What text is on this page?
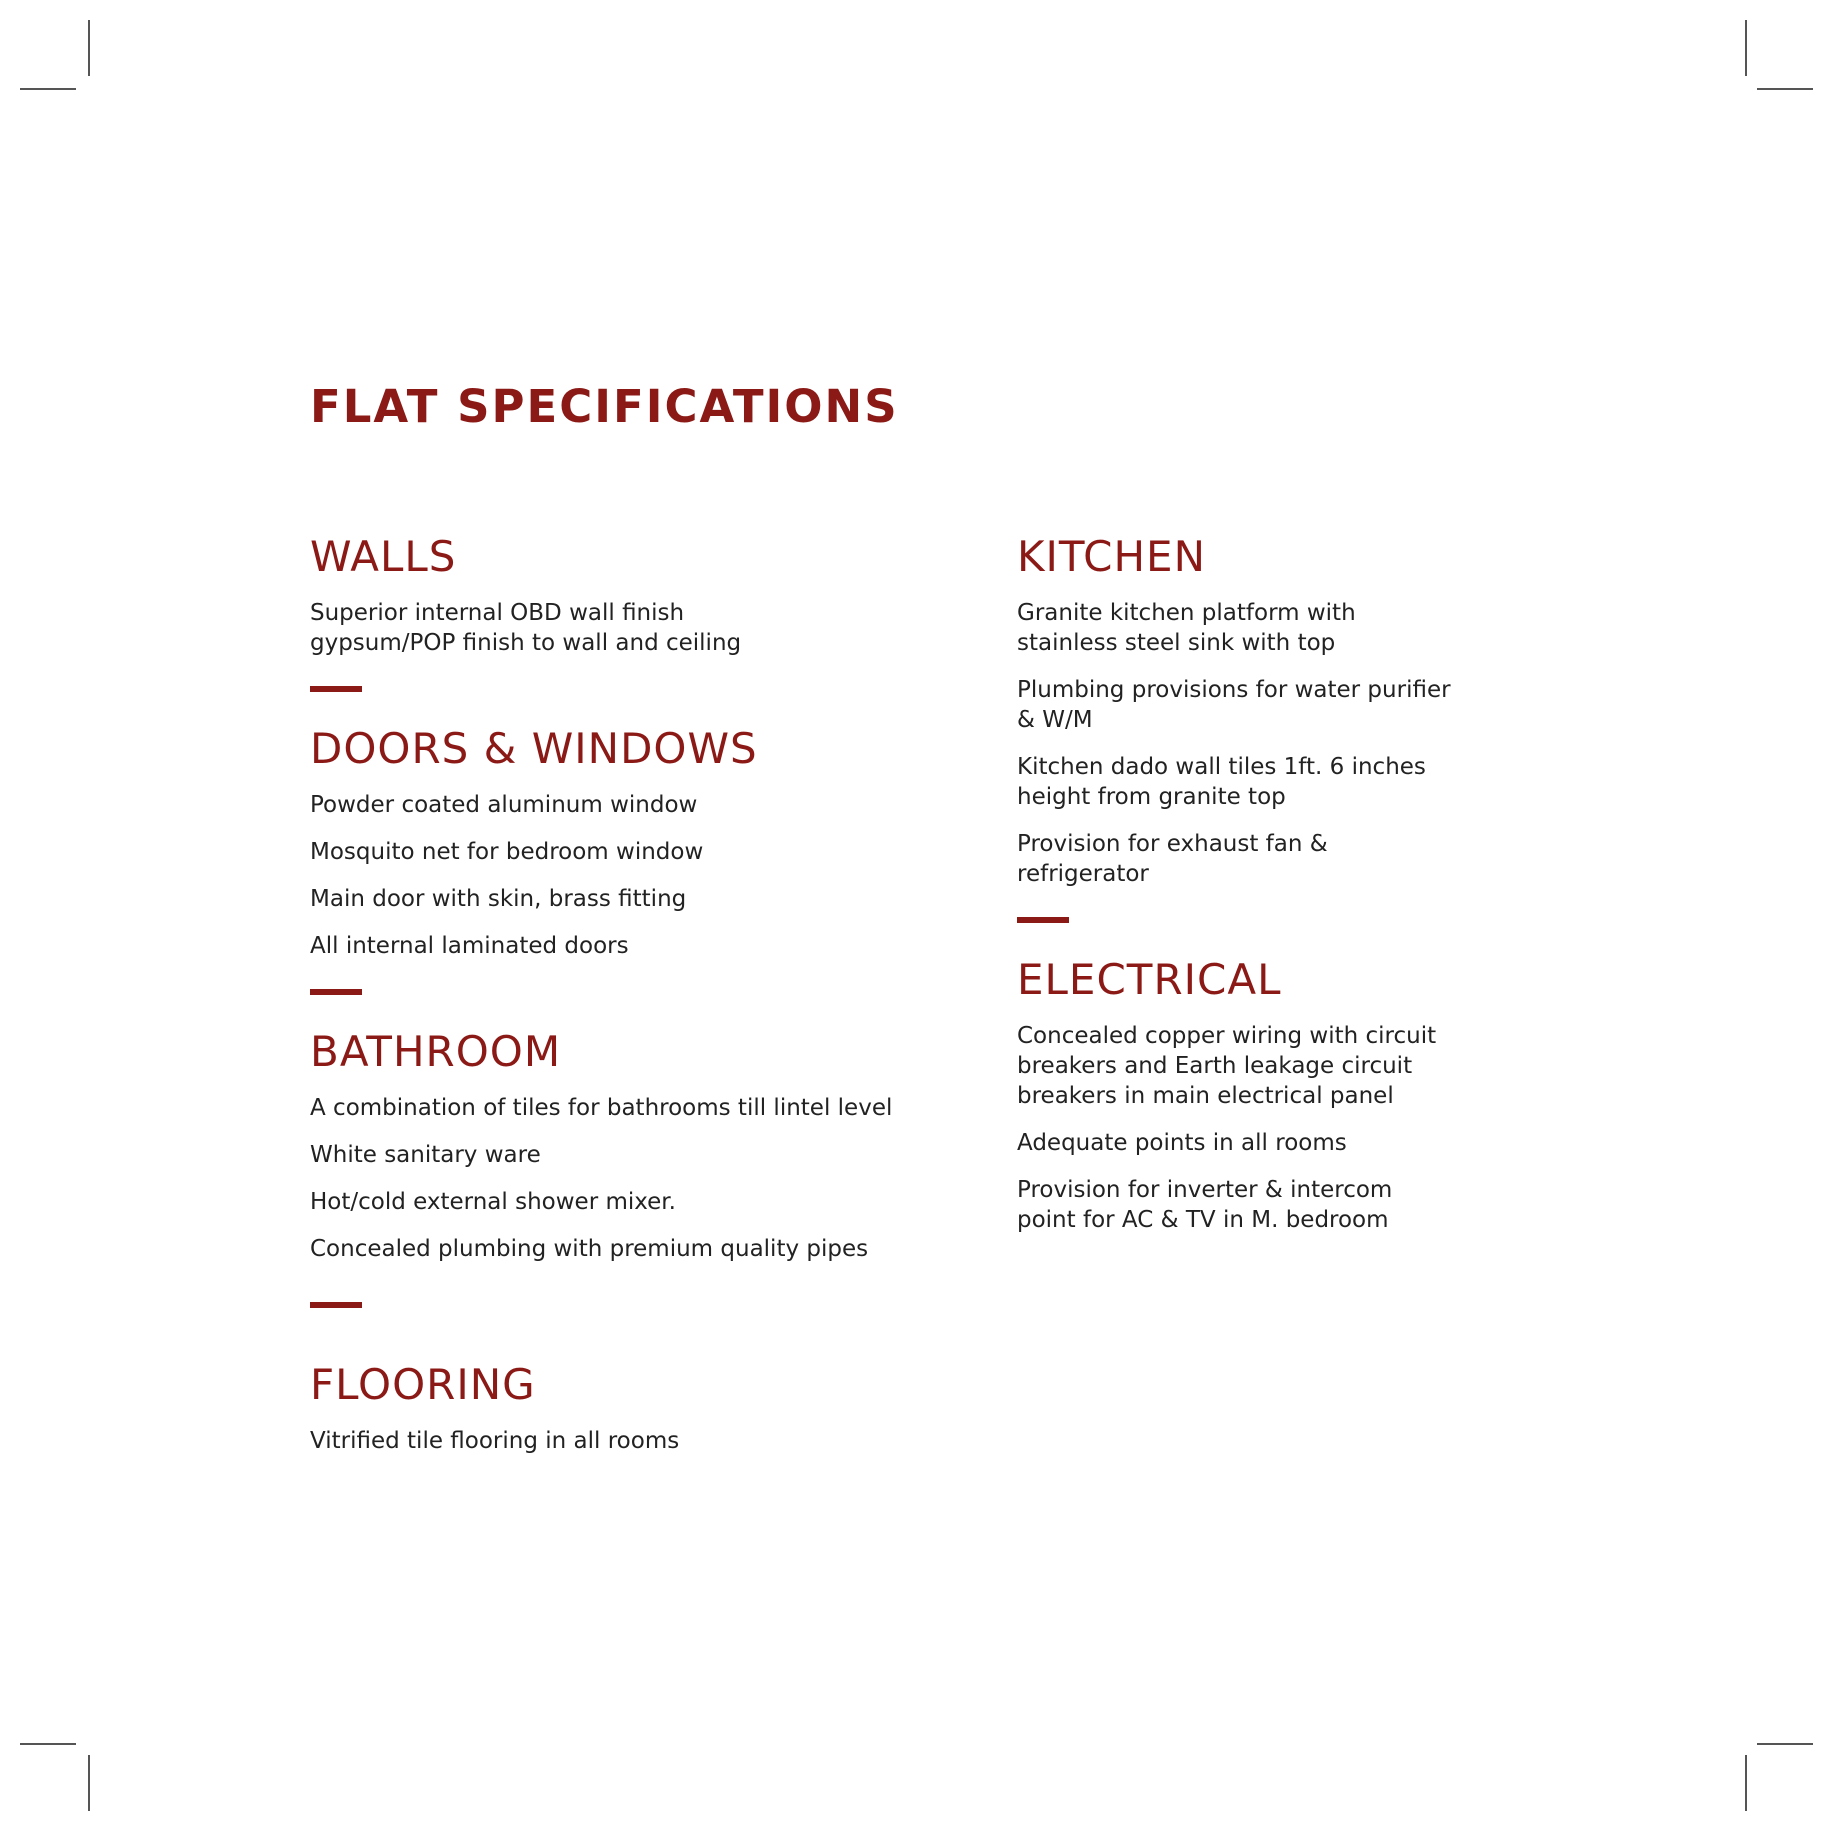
FLAT SPECIFICATIONS
WALLS
Superior internal OBD wall finish
gypsum/POP finish to wall and ceiling
DOORS & WINDOWS
Powder coated aluminum window
Mosquito net for bedroom window
Main door with skin, brass fitting
All internal laminated doors
BATHROOM
A combination of tiles for bathrooms till lintel level
White sanitary ware
Hot/cold external shower mixer.
Concealed plumbing with premium quality pipes
FLOORING
Vitrified tile flooring in all rooms
KITCHEN
Granite kitchen platform with
stainless steel sink with top
Plumbing provisions for water purifier
& W/M
Kitchen dado wall tiles 1ft. 6 inches
height from granite top
Provision for exhaust fan &
refrigerator
ELECTRICAL
Concealed copper wiring with circuit
breakers and Earth leakage circuit
breakers in main electrical panel
Adequate points in all rooms
Provision for inverter & intercom
point for AC & TV in M. bedroom
